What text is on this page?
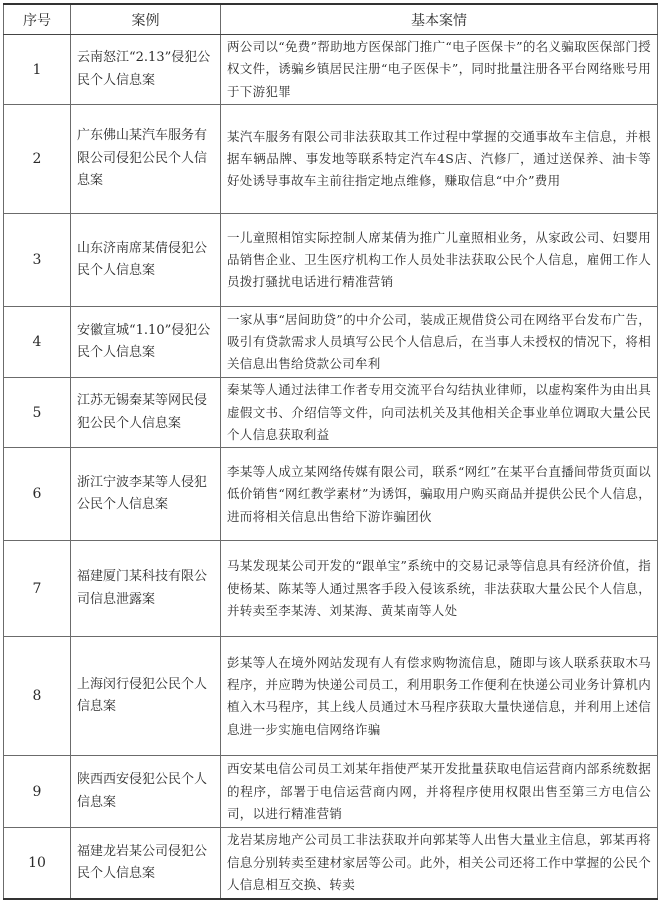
序号	案例	基本案情
1	云南怒江“2.13”侵犯公民个人信息案	两公司以“免费”帮助地方医保部门推广“电子医保卡”的名义骗取医保部门授权文件，诱骗乡镇居民注册“电子医保卡”，同时批量注册各平台网络账号用于下游犯罪
2	广东佛山某汽车服务有限公司侵犯公民个人信息案	某汽车服务有限公司非法获取其工作过程中掌握的交通事故车主信息，并根据车辆品牌、事发地等联系特定汽车4S店、汽修厂，通过送保养、油卡等好处诱导事故车主前往指定地点维修，赚取信息“中介”费用
3	山东济南席某倩侵犯公民个人信息案	一儿童照相馆实际控制人席某倩为推广儿童照相业务，从家政公司、妇婴用品销售企业、卫生医疗机构工作人员处非法获取公民个人信息，雇佣工作人员拨打骚扰电话进行精准营销
4	安徽宣城“1.10”侵犯公民个人信息案	一家从事“居间助贷”的中介公司，装成正规借贷公司在网络平台发布广告，吸引有贷款需求人员填写公民个人信息后，在当事人未授权的情况下，将相关信息出售给贷款公司牟利
5	江苏无锡秦某等网民侵犯公民个人信息案	秦某等人通过法律工作者专用交流平台勾结执业律师，以虚构案件为由出具虚假文书、介绍信等文件，向司法机关及其他相关企事业单位调取大量公民个人信息获取利益
6	浙江宁波李某等人侵犯公民个人信息案	李某等人成立某网络传媒有限公司，联系“网红”在某平台直播间带货页面以低价销售“网红教学素材”为诱饵，骗取用户购买商品并提供公民个人信息，进而将相关信息出售给下游诈骗团伙
7	福建厦门某科技有限公司信息泄露案	马某发现某公司开发的“跟单宝”系统中的交易记录等信息具有经济价值，指使杨某、陈某等人通过黑客手段入侵该系统，非法获取大量公民个人信息，并转卖至李某涛、刘某海、黄某南等人处
8	上海闵行侵犯公民个人信息案	彭某等人在境外网站发现有人有偿求购物流信息，随即与该人联系获取木马程序，并应聘为快递公司员工，利用职务工作便利在快递公司业务计算机内植入木马程序，其上线人员通过木马程序获取大量快递信息，并利用上述信息进一步实施电信网络诈骗
9	陕西西安侵犯公民个人信息案	西安某电信公司员工刘某年指使严某开发批量获取电信运营商内部系统数据的程序，部署于电信运营商内网，并将程序使用权限出售至第三方电信公司，以进行精准营销
10	福建龙岩某公司侵犯公民个人信息案	龙岩某房地产公司员工非法获取并向郭某等人出售大量业主信息，郭某再将信息分别转卖至建材家居等公司。此外，相关公司还将工作中掌握的公民个人信息相互交换、转卖
